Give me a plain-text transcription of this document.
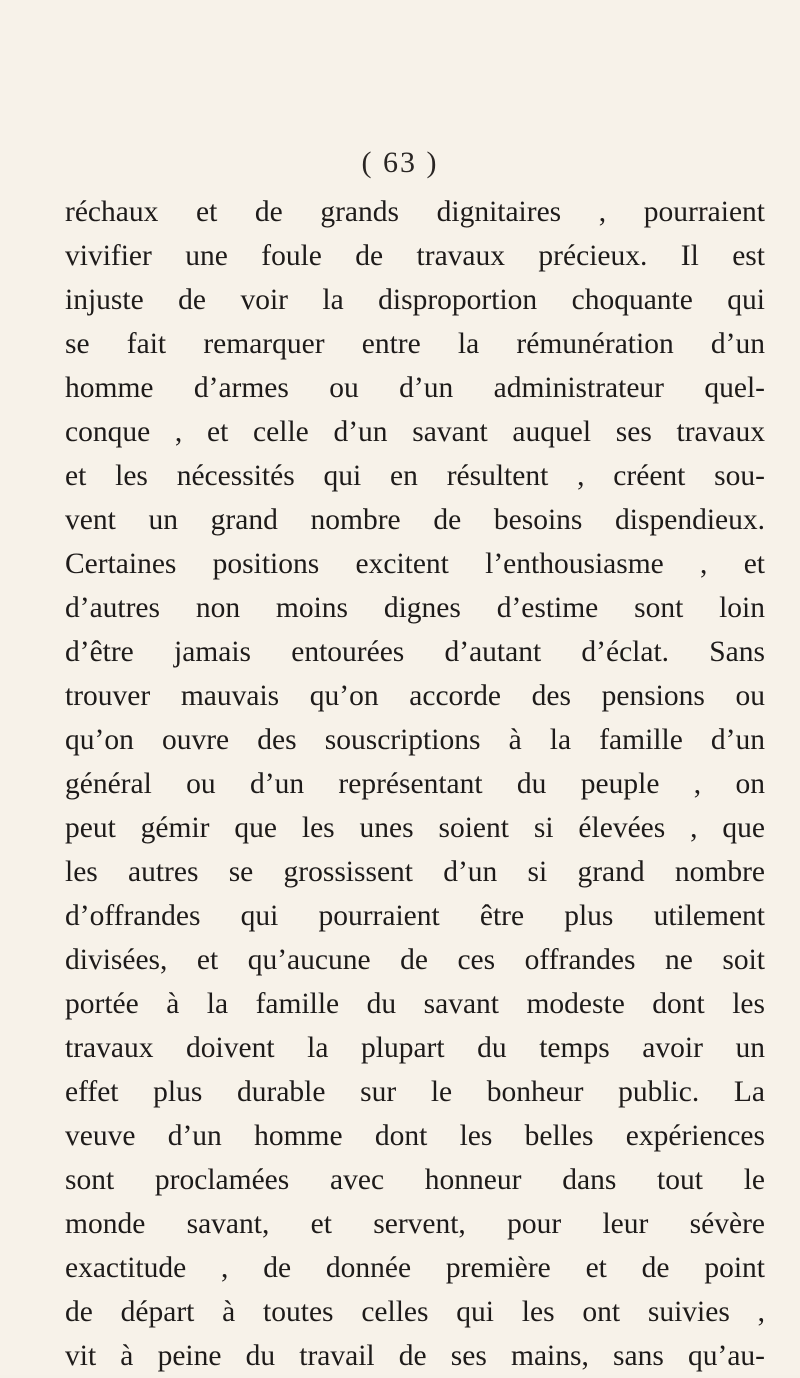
( 63 )
réchaux et de grands dignitaires , pourraient
vivifier une foule de travaux précieux. Il est
injuste de voir la disproportion choquante qui
se fait remarquer entre la rémunération d’un
homme d’armes ou d’un administrateur quel-
conque , et celle d’un savant auquel ses travaux
et les nécessités qui en résultent , créent sou-
vent un grand nombre de besoins dispendieux.
Certaines positions excitent l’enthousiasme , et
d’autres non moins dignes d’estime sont loin
d’être jamais entourées d’autant d’éclat. Sans
trouver mauvais qu’on accorde des pensions ou
qu’on ouvre des souscriptions à la famille d’un
général ou d’un représentant du peuple , on
peut gémir que les unes soient si élevées , que
les autres se grossissent d’un si grand nombre
d’offrandes qui pourraient être plus utilement
divisées, et qu’aucune de ces offrandes ne soit
portée à la famille du savant modeste dont les
travaux doivent la plupart du temps avoir un
effet plus durable sur le bonheur public. La
veuve d’un homme dont les belles expériences
sont proclamées avec honneur dans tout le
monde savant, et servent, pour leur sévère
exactitude , de donnée première et de point
de départ à toutes celles qui les ont suivies ,
vit à peine du travail de ses mains, sans qu’au-
